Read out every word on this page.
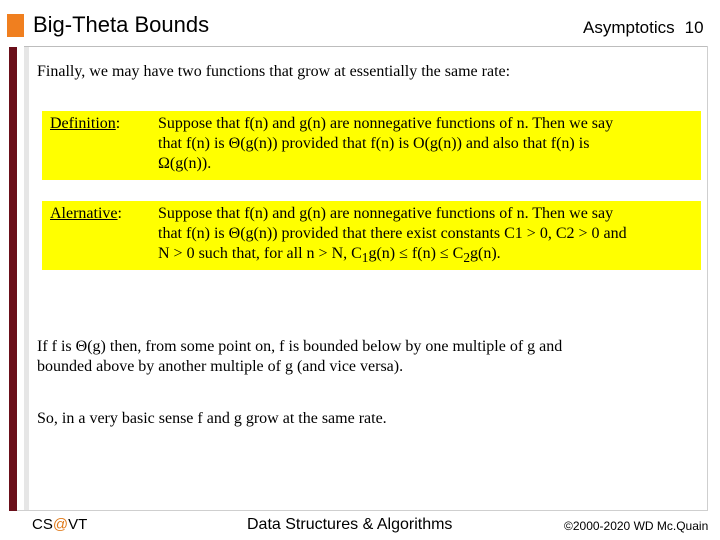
Big-Theta Bounds	Asymptotics 10
Finally, we may have two functions that grow at essentially the same rate:
Definition: Suppose that f(n) and g(n) are nonnegative functions of n. Then we say
that f(n) is Θ(g(n)) provided that f(n) is O(g(n)) and also that f(n) is
Ω(g(n)).
Alernative: Suppose that f(n) and g(n) are nonnegative functions of n. Then we say
that f(n) is Θ(g(n)) provided that there exist constants C1 > 0, C2 > 0 and
N > 0 such that, for all n > N, $C_1g(n) \le f(n) \le C_2g(n)$.
If f is Θ(g) then, from some point on, f is bounded below by one multiple of g and
bounded above by another multiple of g (and vice versa).
So, in a very basic sense f and g grow at the same rate.
CS@VT	Data Structures & Algorithms	©2000-2020 WD Mc.Quain
